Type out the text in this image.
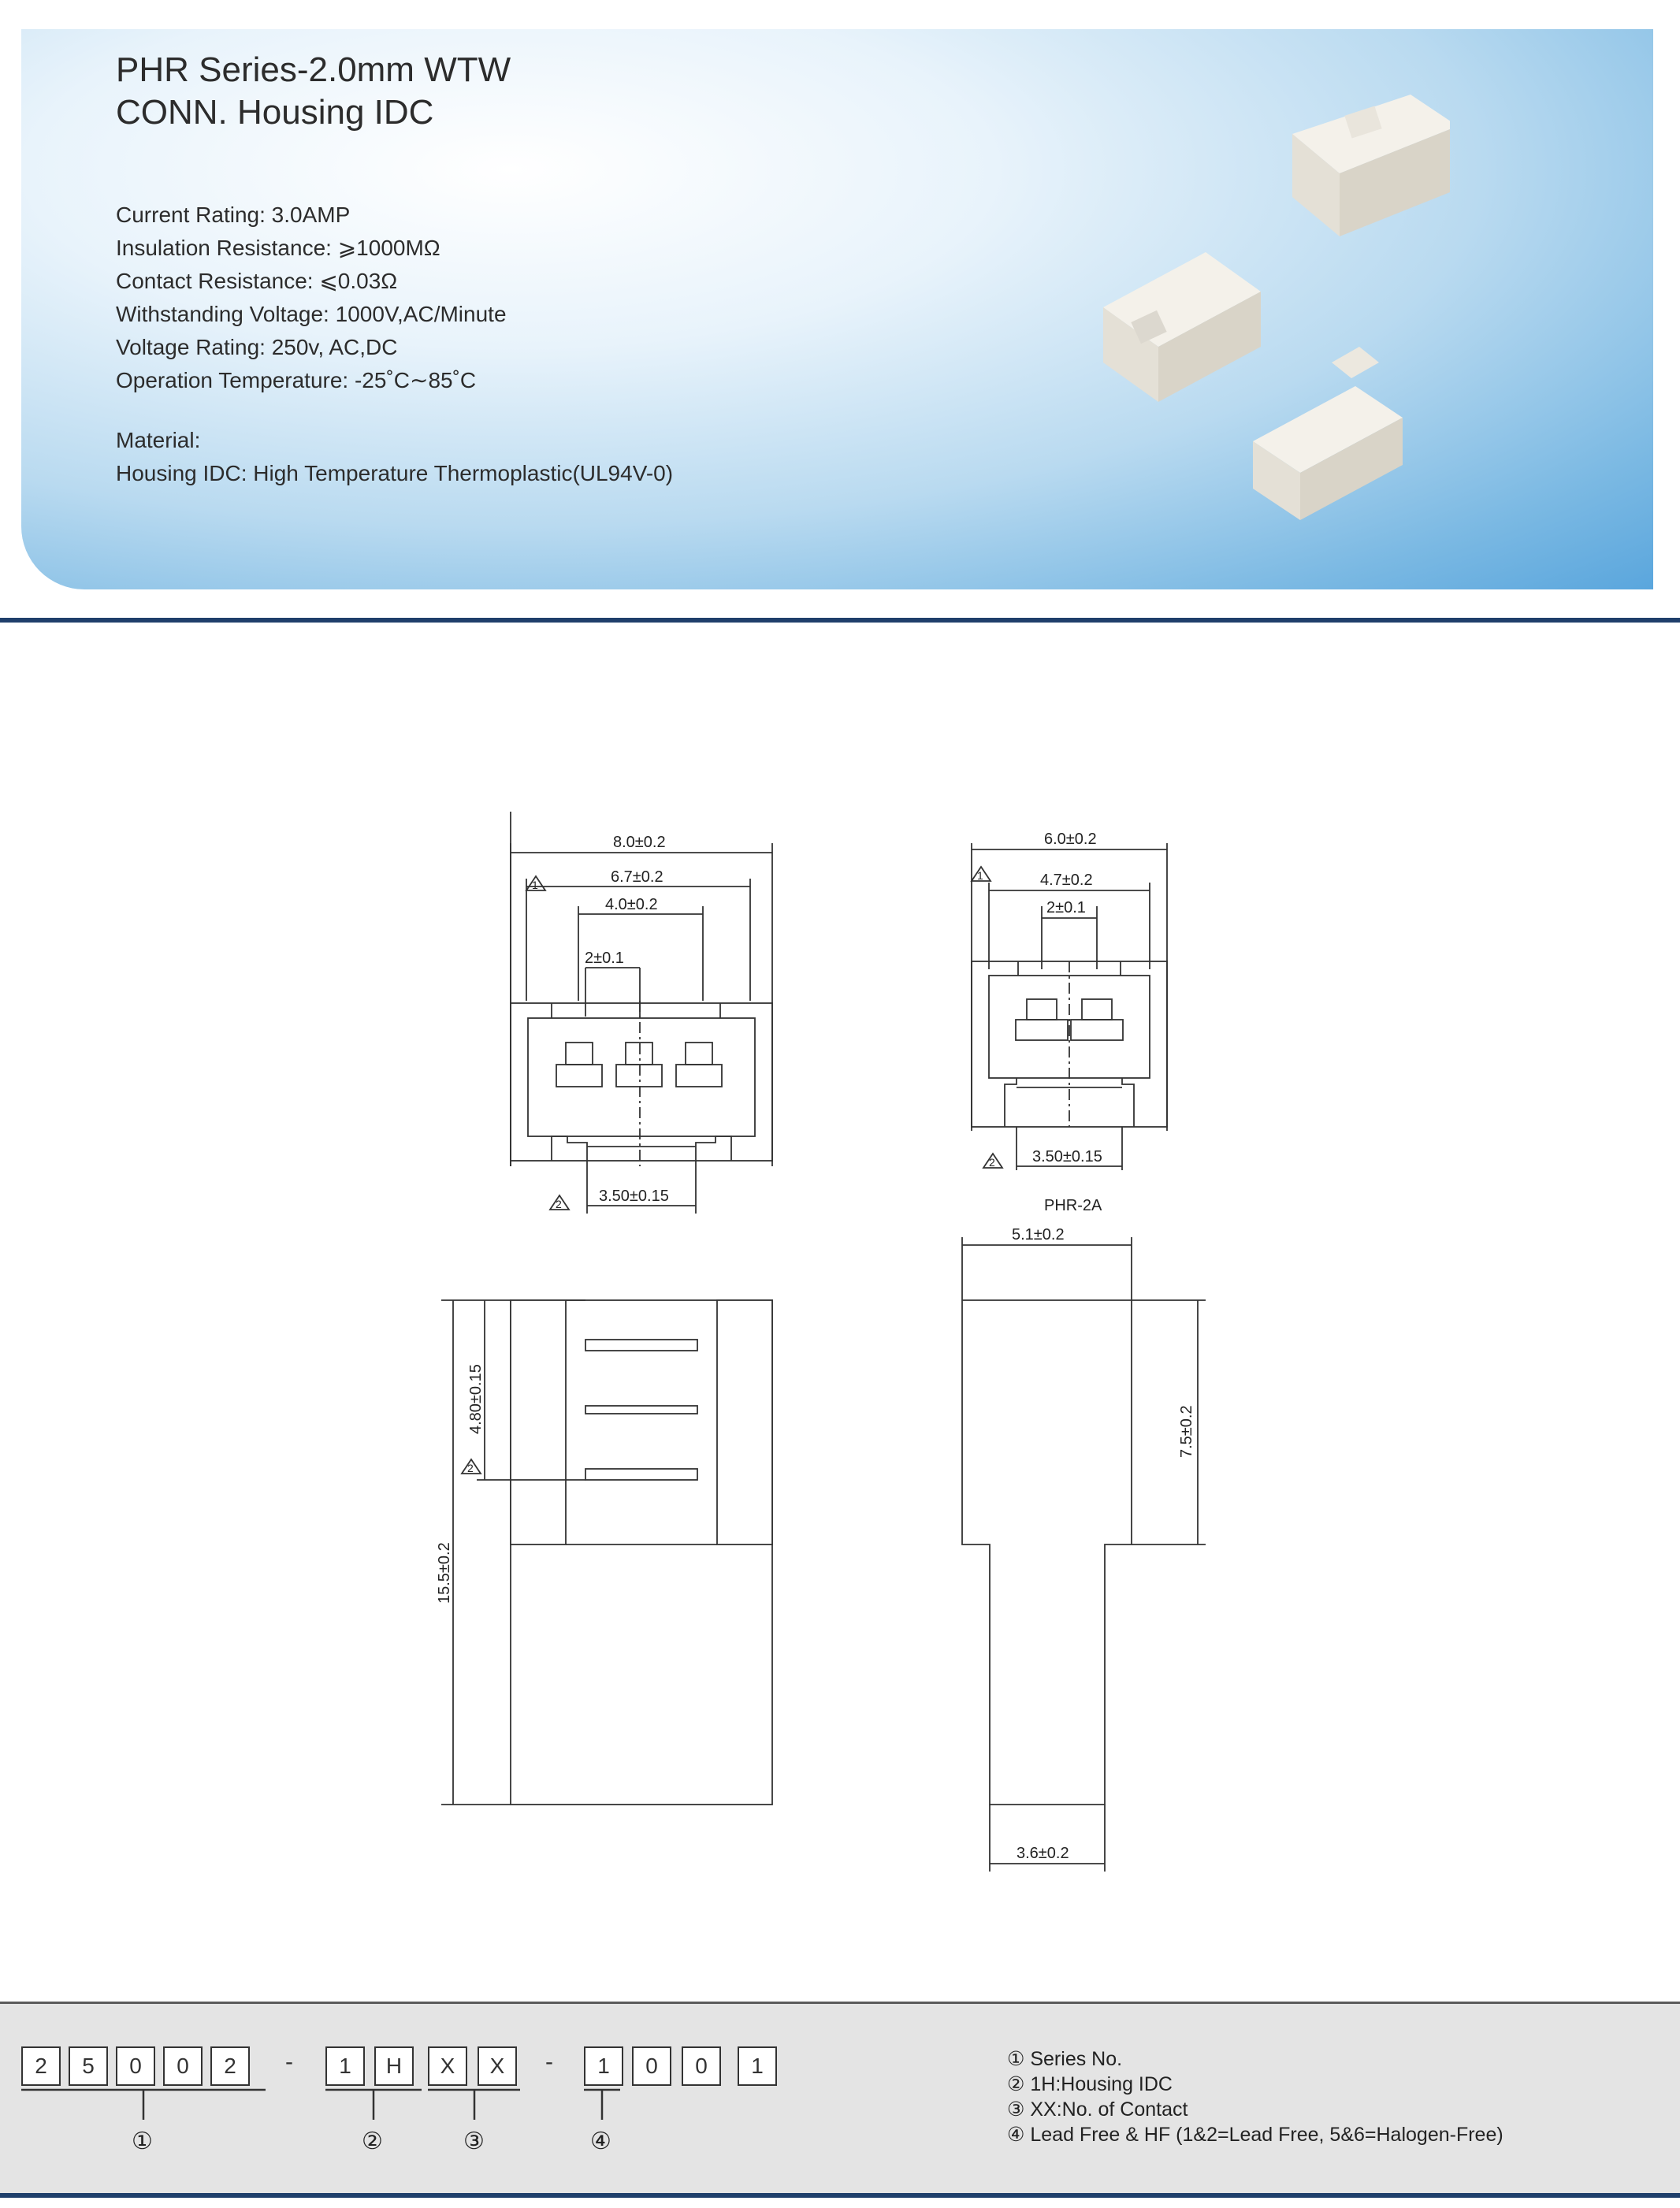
PHR Series-2.0mm WTW
CONN. Housing IDC
Current Rating: 3.0AMP
Insulation Resistance: ⩾1000MΩ
Contact Resistance: ⩽0.03Ω
Withstanding Voltage: 1000V,AC/Minute
Voltage Rating: 250v, AC,DC
Operation Temperature: -25˚C∼85˚C
Material:
Housing IDC: High Temperature Thermoplastic(UL94V-0)
8.0±0.2
6.7±0.2
4.0±0.2
2±0.1
3.50±0.15
1
2
6.0±0.2
4.7±0.2
2±0.1
3.50±0.15
1
2
PHR-2A
5.1±0.2
3.6±0.2
7.5±0.2
15.5±0.2
4.80±0.15
2
2	5	0	0	2	-	1	H	X	X	-	1	0	0	1
①	②	③	④
① Series No.
② 1H:Housing IDC
③ XX:No. of Contact
④ Lead Free & HF (1&2=Lead Free, 5&6=Halogen-Free)
